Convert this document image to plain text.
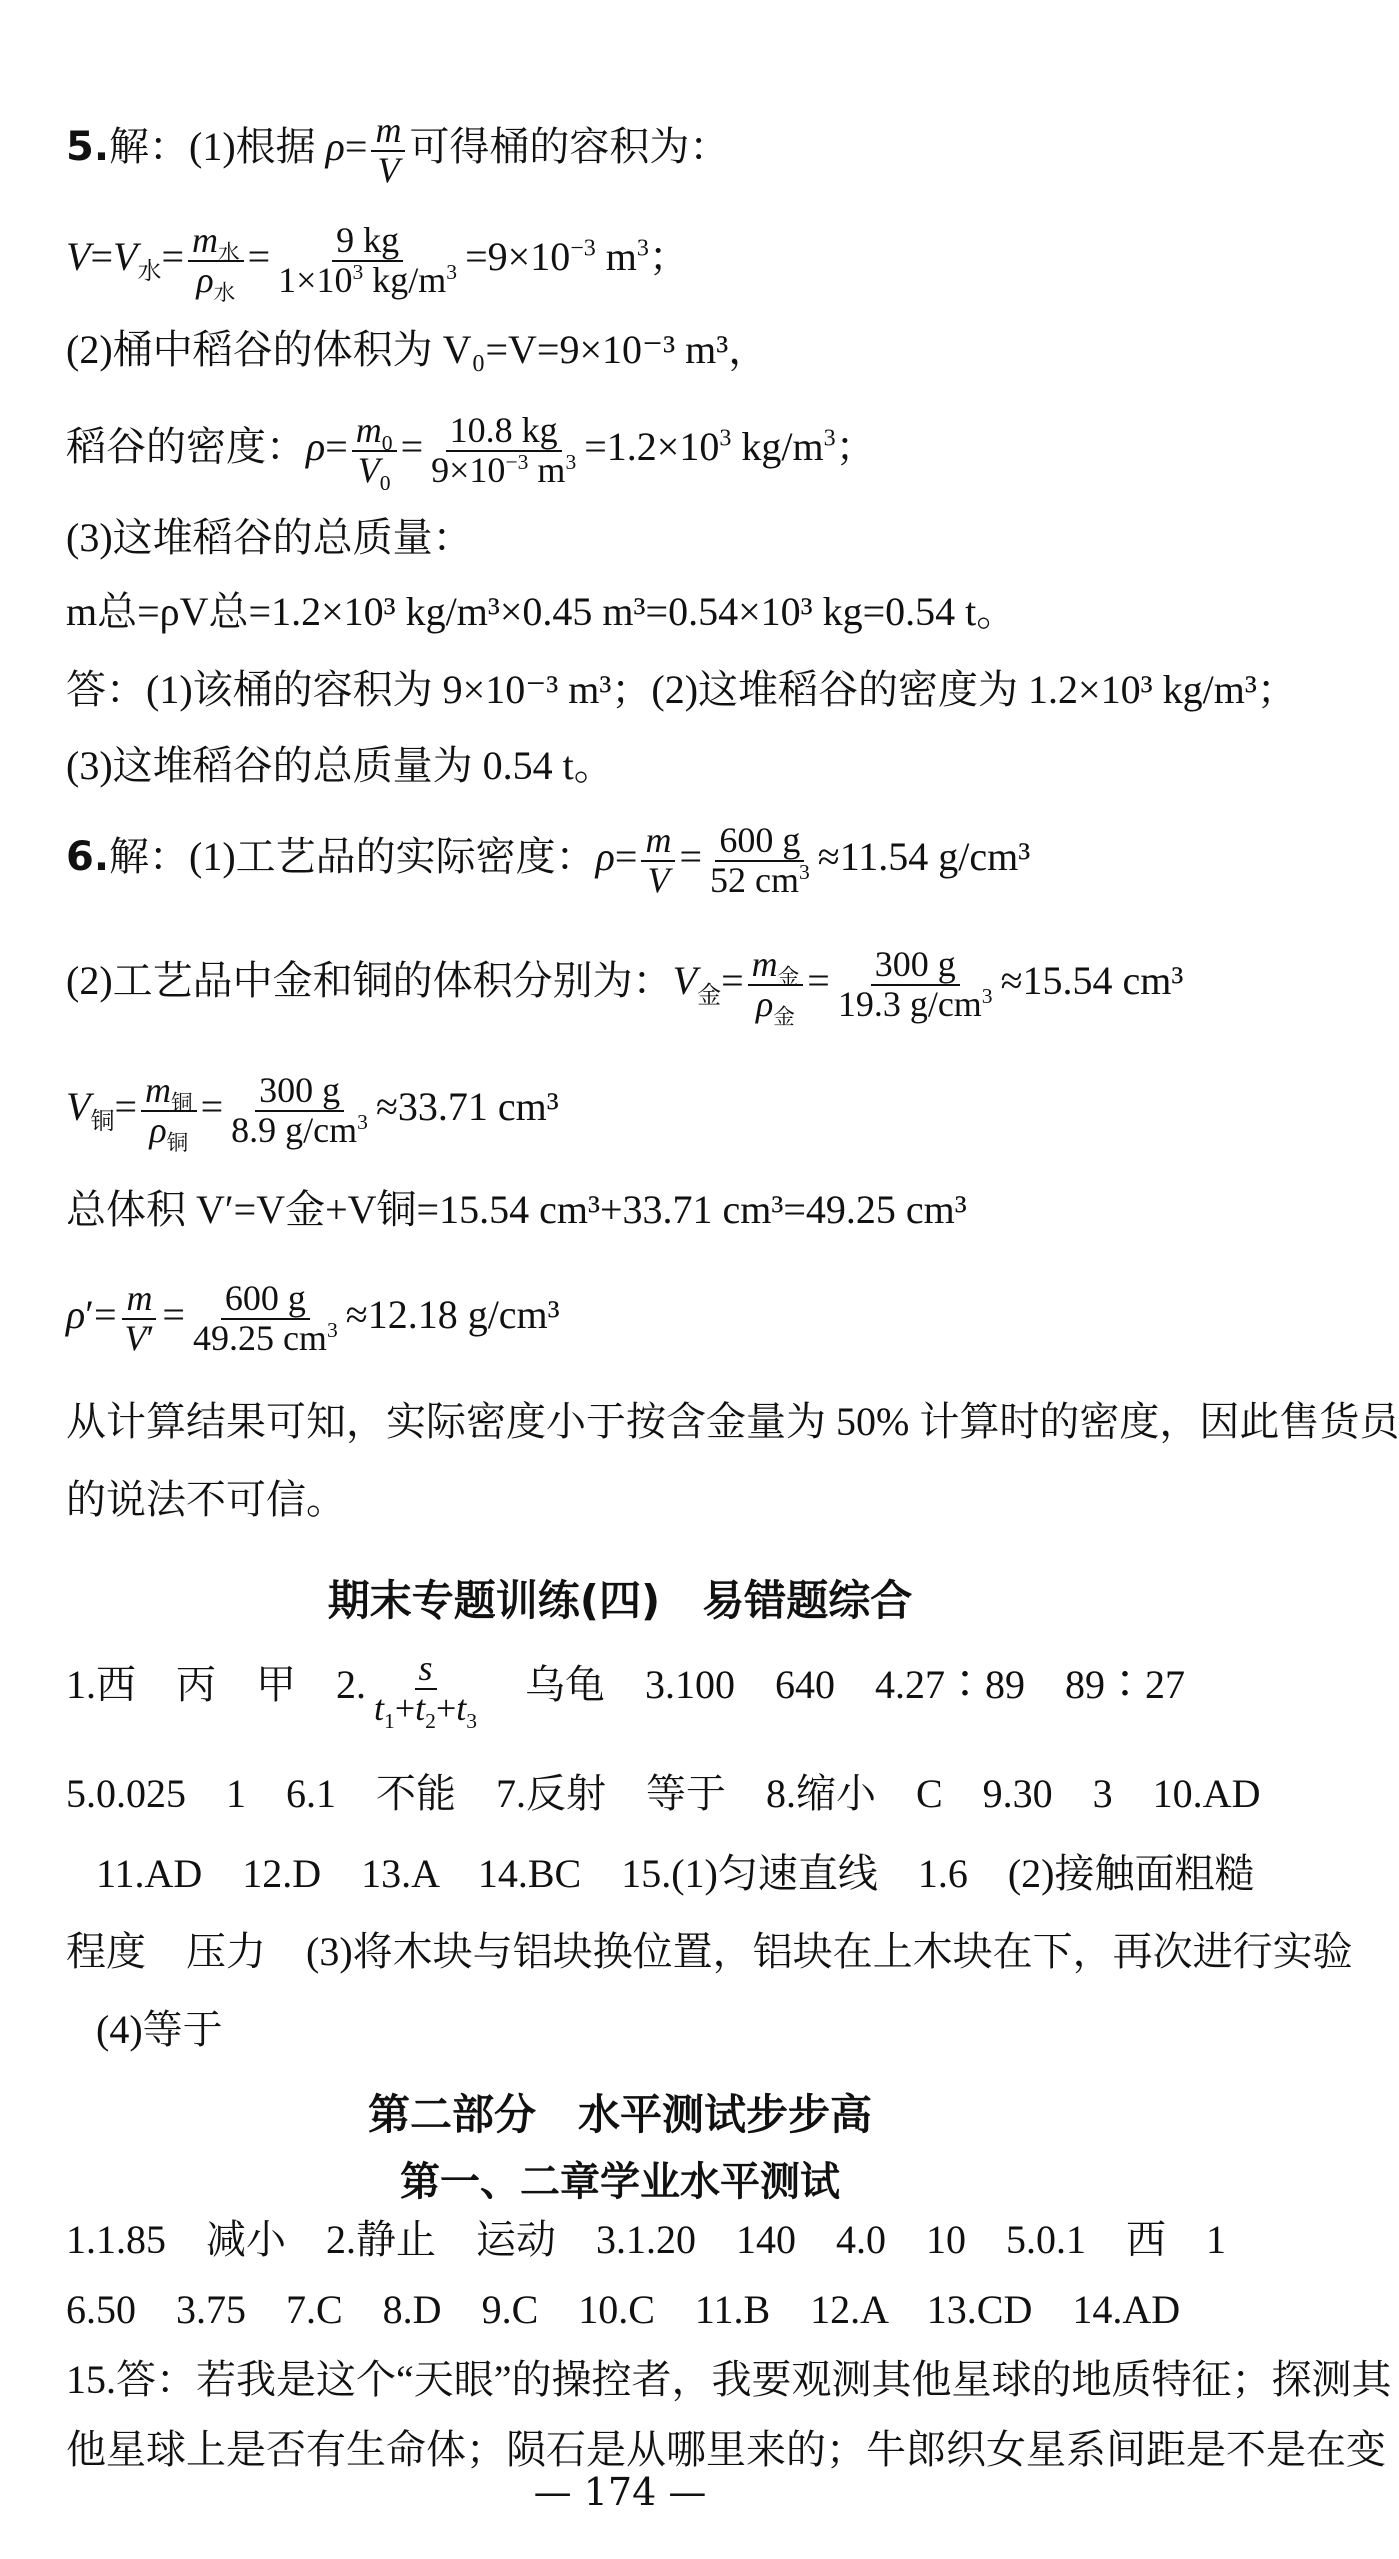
5.解：(1)根据 $\rho= \frac{m}{V}$ 可得桶的容积为：
$V=V_水= \frac{m_水}{\rho_水} = \frac{9 kg}{1\times 10^3 kg/m^3} =9\times 10^{-3}$ $m^3$；
(2)桶中稻谷的体积为 V₀=V=9×10⁻³ m³，
稻谷的密度：$\rho= \frac{m_0}{V_0} = \frac{10.8 kg}{9\times 10^{-3} m^3} =1.2\times 10^3$ $kg/m^3$；
(3)这堆稻谷的总质量：
m总=ρV总=1.2×10³ kg/m³×0.45 m³=0.54×10³ kg=0.54 t。
答：(1)该桶的容积为 9×10⁻³ m³；(2)这堆稻谷的密度为 1.2×10³ kg/m³；
(3)这堆稻谷的总质量为 0.54 t。
6.解：(1)工艺品的实际密度：$\rho= \frac{m}{V} = \frac{600 g}{52 cm^3} \approx 11.54$ g/cm³
(2)工艺品中金和铜的体积分别为：$V_金= \frac{m_金}{\rho_金} = \frac{300 g}{19.3 g/cm^3} \approx 15.54$ cm³
$V_铜= \frac{m_铜}{\rho_铜} = \frac{300 g}{8.9 g/cm^3} \approx 33.71$ cm³
总体积 V′=V金+V铜=15.54 cm³+33.71 cm³=49.25 cm³
$\rho'= \frac{m}{V'} = \frac{600 g}{49.25 cm^3} \approx 12.18$ g/cm³
从计算结果可知，实际密度小于按含金量为 50% 计算时的密度，因此售货员
的说法不可信。
期末专题训练(四)　易错题综合
1.西　丙　甲　2. $\frac{s}{t_1+t_2+t_3}$ 　乌龟　3.100　640　4.27∶89　89∶27
5.0.025　1　6.1　不能　7.反射　等于　8.缩小　C　9.30　3　10.AD
11.AD　12.D　13.A　14.BC　15.(1)匀速直线　1.6　(2)接触面粗糙
程度　压力　(3)将木块与铝块换位置，铝块在上木块在下，再次进行实验
(4)等于
第二部分　水平测试步步高
第一、二章学业水平测试
1.1.85　减小　2.静止　运动　3.1.20　140　4.0　10　5.0.1　西　1
6.50　3.75　7.C　8.D　9.C　10.C　11.B　12.A　13.CD　14.AD
15.答：若我是这个“天眼”的操控者，我要观测其他星球的地质特征；探测其
他星球上是否有生命体；陨石是从哪里来的；牛郎织女星系间距是不是在变
— 174 —
